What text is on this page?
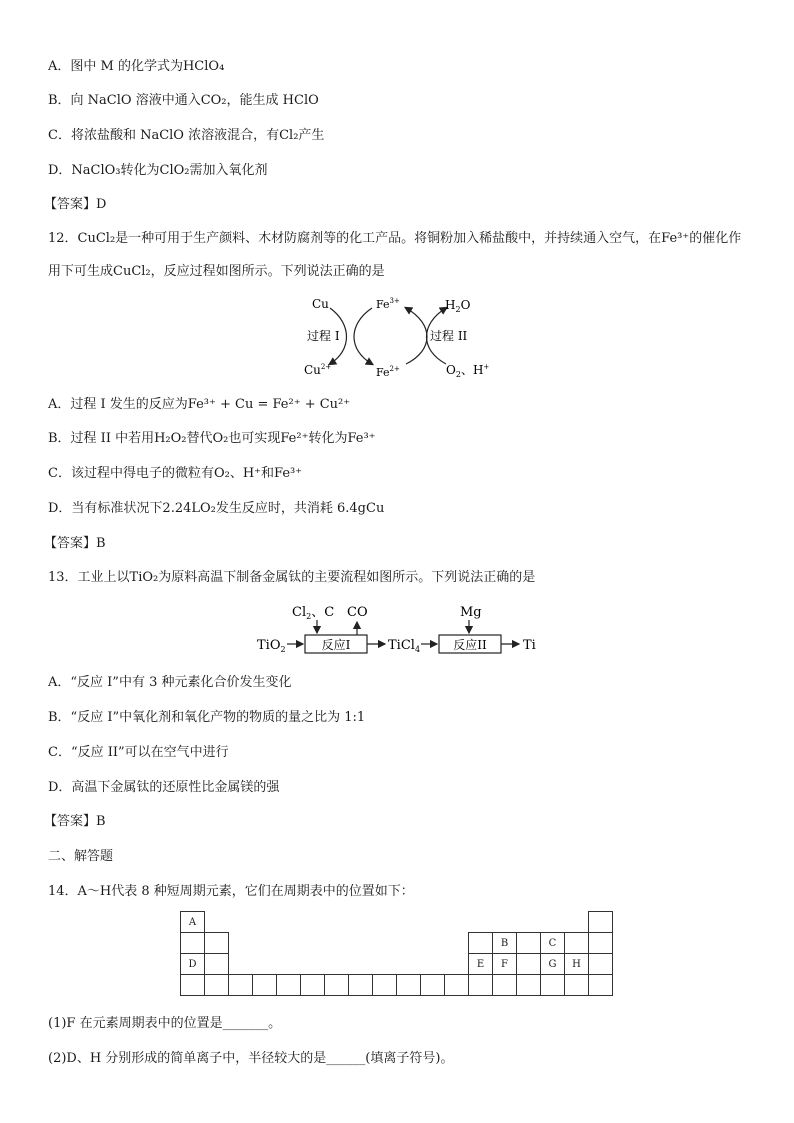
A．图中 M 的化学式为HClO₄
B．向 NaClO 溶液中通入CO₂，能生成 HClO
C．将浓盐酸和 NaClO 浓溶液混合，有Cl₂产生
D．NaClO₃转化为ClO₂需加入氧化剂
【答案】D
12．CuCl₂是一种可用于生产颜料、木材防腐剂等的化工产品。将铜粉加入稀盐酸中，并持续通入空气，在Fe³⁺的催化作用下可生成CuCl₂，反应过程如图所示。下列说法正确的是
Cu	$Fe^{3+}$	$H_2O$
过程 I	过程 II
$Cu^{2+}$	$Fe^{2+}$	$O_2$、H+
A．过程 I 发生的反应为Fe³⁺ + Cu = Fe²⁺ + Cu²⁺
B．过程 II 中若用H₂O₂替代O₂也可实现Fe²⁺转化为Fe³⁺
C．该过程中得电子的微粒有O₂、H⁺和Fe³⁺
D．当有标准状况下2.24LO₂发生反应时，共消耗 6.4gCu
【答案】B
13．工业上以TiO₂为原料高温下制备金属钛的主要流程如图所示。下列说法正确的是
$Cl_2$、C CO	Mg
TiO$_2$	反应I	TiCl$_4$	反应II	Ti
A．“反应 I”中有 3 种元素化合价发生变化
B．“反应 I”中氧化剂和氧化产物的物质的量之比为 1:1
C．“反应 II”可以在空气中进行
D．高温下金属钛的还原性比金属镁的强
【答案】B
二、解答题
14．A～H代表 8 种短周期元素，它们在周期表中的位置如下：
A																	
													B		C		
D												E	F		G	H	

(1)F 在元素周期表中的位置是_______。
(2)D、H 分别形成的简单离子中，半径较大的是______(填离子符号)。
